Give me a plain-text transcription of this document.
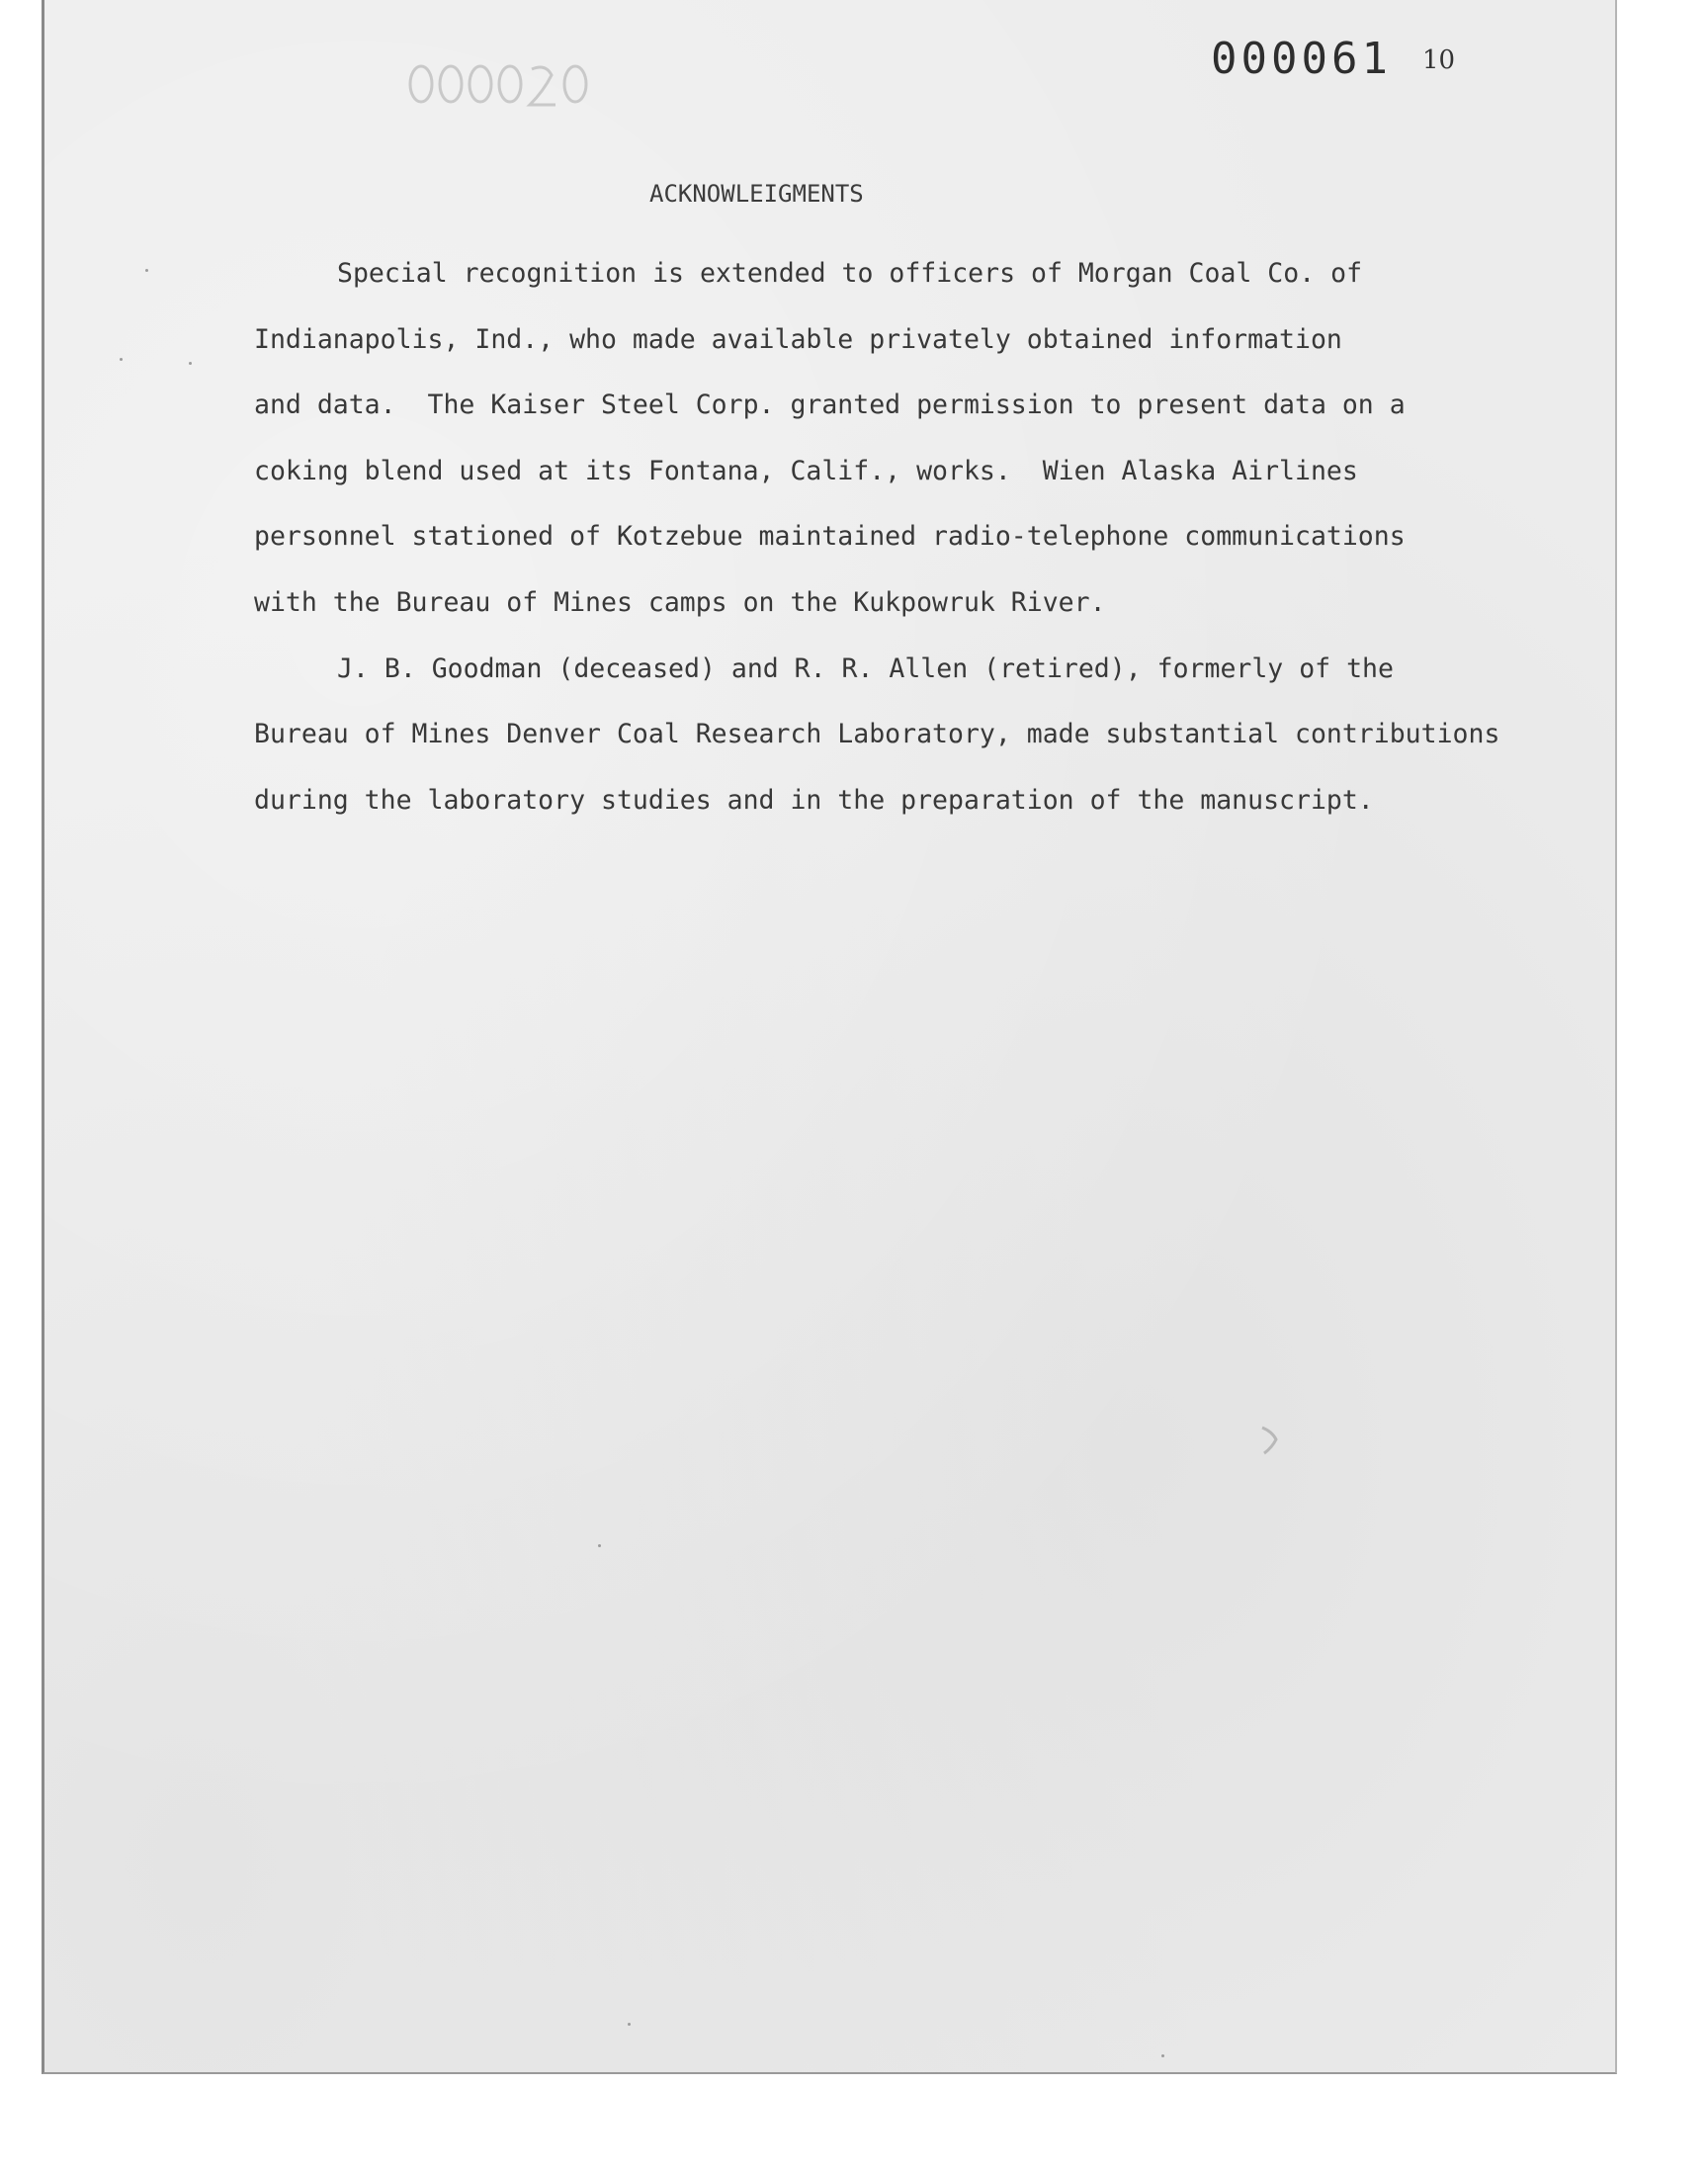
000061 10
ACKNOWLEIGMENTS
Special recognition is extended to officers of Morgan Coal Co. of
Indianapolis, Ind., who made available privately obtained information
and data.  The Kaiser Steel Corp. granted permission to present data on a
coking blend used at its Fontana, Calif., works.  Wien Alaska Airlines
personnel stationed of Kotzebue maintained radio-telephone communications
with the Bureau of Mines camps on the Kukpowruk River.
J. B. Goodman (deceased) and R. R. Allen (retired), formerly of the
Bureau of Mines Denver Coal Research Laboratory, made substantial contributions
during the laboratory studies and in the preparation of the manuscript.
